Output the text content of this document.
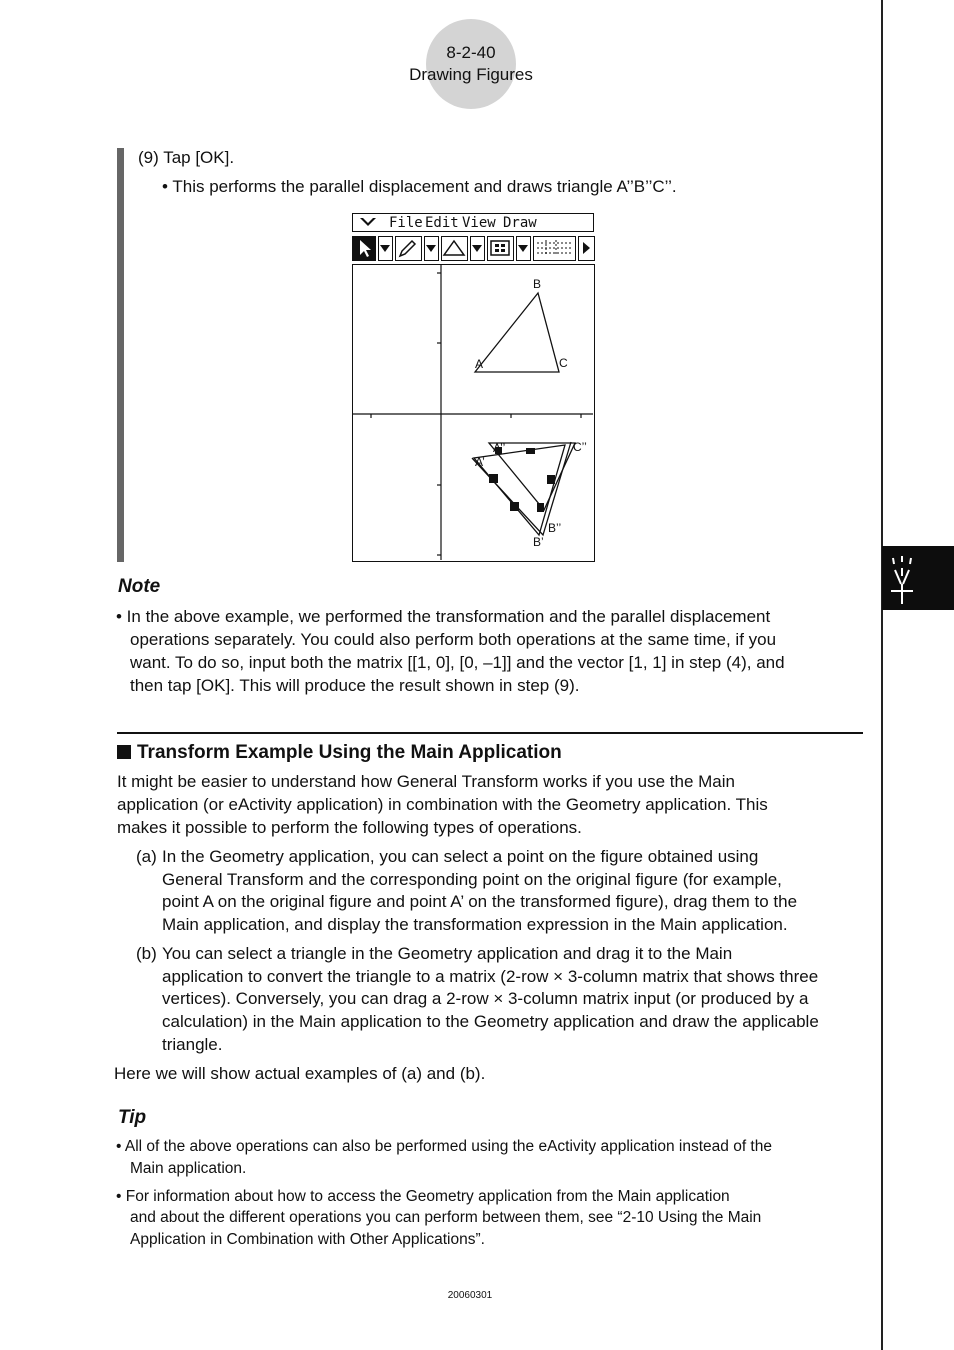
8-2-40
Drawing Figures
(9) Tap [OK].
• This performs the parallel displacement and draws triangle A’’B’’C’’.
File Edit View Draw
B
A	C
A’’
A’
C’’
B’’
B’
Note
• In the above example, we performed the transformation and the parallel displacement
operations separately. You could also perform both operations at the same time, if you
want. To do so, input both the matrix [[1, 0], [0, –1]] and the vector [1, 1] in step (4), and
then tap [OK]. This will produce the result shown in step (9).
Transform Example Using the Main Application
It might be easier to understand how General Transform works if you use the Main
application (or eActivity application) in combination with the Geometry application. This
makes it possible to perform the following types of operations.
(a) In the Geometry application, you can select a point on the figure obtained using
General Transform and the corresponding point on the original figure (for example,
point A on the original figure and point A’ on the transformed figure), drag them to the
Main application, and display the transformation expression in the Main application.
(b) You can select a triangle in the Geometry application and drag it to the Main
application to convert the triangle to a matrix (2-row × 3-column matrix that shows three
vertices). Conversely, you can drag a 2-row × 3-column matrix input (or produced by a
calculation) in the Main application to the Geometry application and draw the applicable
triangle.
Here we will show actual examples of (a) and (b).
Tip
• All of the above operations can also be performed using the eActivity application instead of the
Main application.
• For information about how to access the Geometry application from the Main application
and about the different operations you can perform between them, see “2-10 Using the Main
Application in Combination with Other Applications”.
20060301
